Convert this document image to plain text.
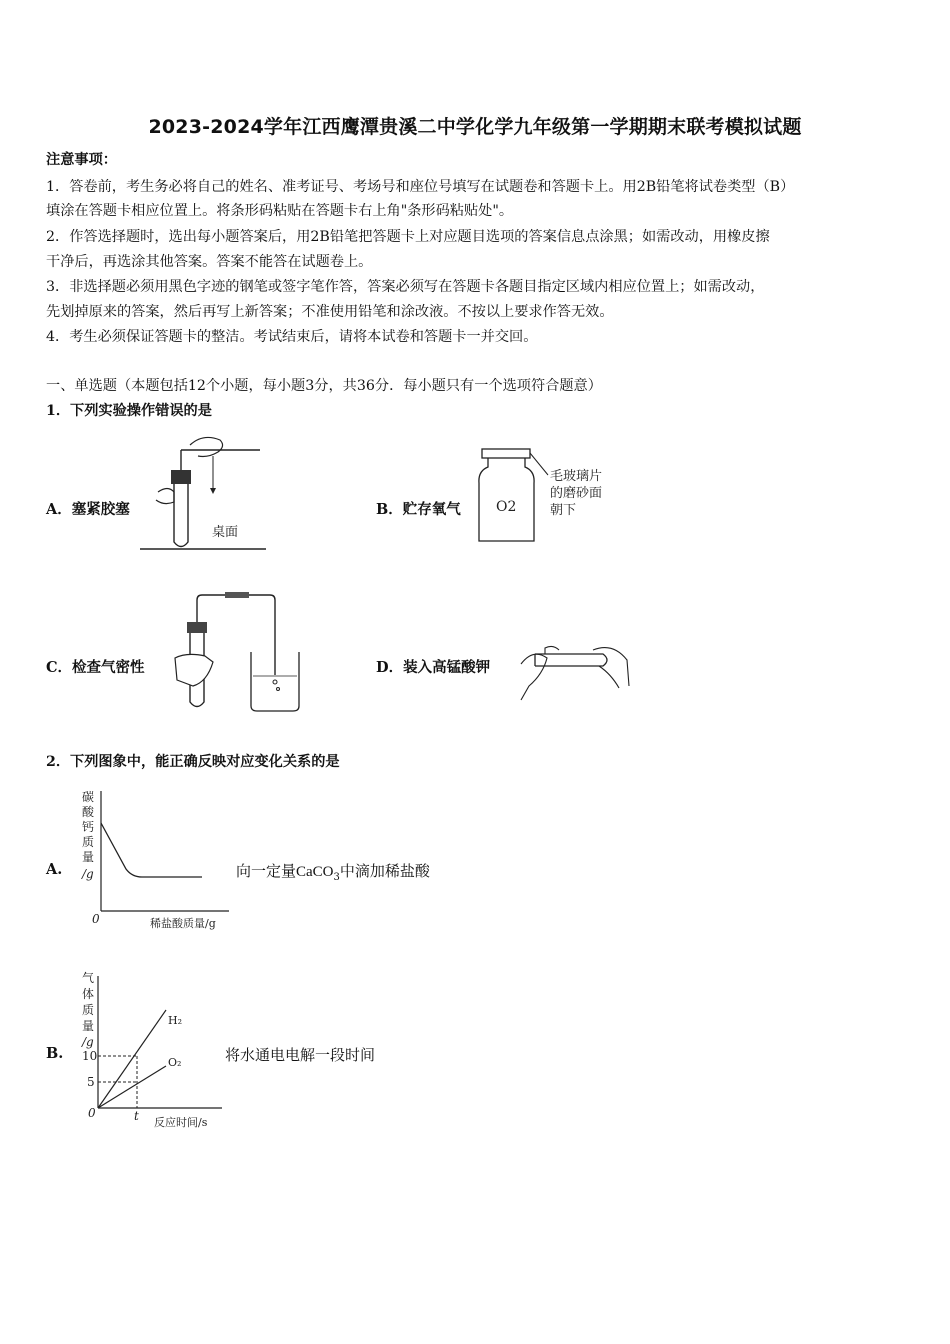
2023-2024学年江西鹰潭贵溪二中学化学九年级第一学期期末联考模拟试题
注意事项：
1．答卷前，考生务必将自己的姓名、准考证号、考场号和座位号填写在试题卷和答题卡上。用2B铅笔将试卷类型（B）
填涂在答题卡相应位置上。将条形码粘贴在答题卡右上角"条形码粘贴处"。
2．作答选择题时，选出每小题答案后，用2B铅笔把答题卡上对应题目选项的答案信息点涂黑；如需改动，用橡皮擦
干净后，再选涂其他答案。答案不能答在试题卷上。
3．非选择题必须用黑色字迹的钢笔或签字笔作答，答案必须写在答题卡各题目指定区域内相应位置上；如需改动，
先划掉原来的答案，然后再写上新答案；不准使用铅笔和涂改液。不按以上要求作答无效。
4．考生必须保证答题卡的整洁。考试结束后，请将本试卷和答题卡一并交回。
一、单选题（本题包括12个小题，每小题3分，共36分．每小题只有一个选项符合题意）
1．下列实验操作错误的是
A．塞紧胶塞
桌面
B．贮存氧气	O2
毛玻璃片
的磨砂面
朝下
C．检查气密性	D．装入高锰酸钾
2．下列图象中，能正确反映对应变化关系的是
A.
碳
酸
钙
质
量
/g
0	稀盐酸质量/g
向一定量CaCO$_3$中滴加稀盐酸
B.
气
体
质
量
/g
H₂
O₂
10
5
0	t 反应时间/s
将水通电电解一段时间
